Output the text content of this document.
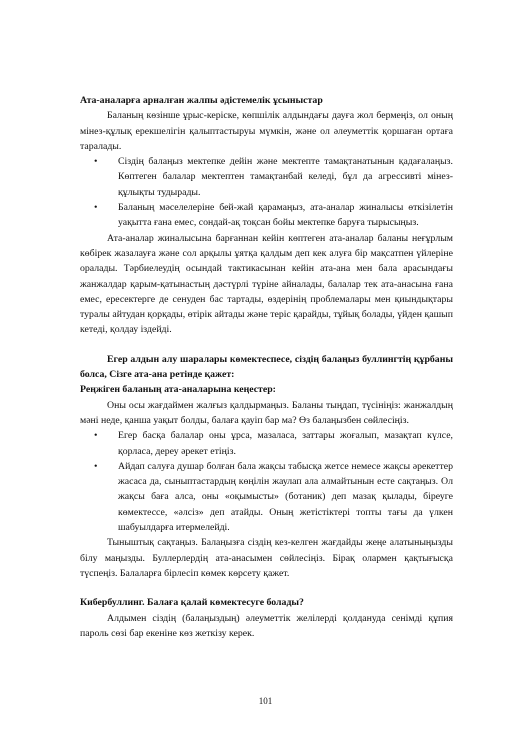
Ата-аналарға арналған жалпы әдістемелік ұсыныстар

Баланың көзінше ұрыс-керіске, көпшілік алдындағы дауға жол бермеңіз, ол оның мінез-құлық ерекшелігін қалыптастыруы мүмкін, және ол әлеуметтік қоршаған ортаға таралады.

• Сіздің балаңыз мектепке дейін және мектепте тамақтанатынын қадағалаңыз. Көптеген балалар мектептен тамақтанбай келеді, бұл да агрессивті мінез-құлықты тудырады.
• Баланың мәселелеріне бей-жай қарамаңыз, ата-аналар жиналысы өткізілетін уақытта ғана емес, сондай-ақ тоқсан бойы мектепке баруға тырысыңыз.

Ата-аналар жиналысына барғаннан кейін көптеген ата-аналар баланы неғұрлым көбірек жазалауға және сол арқылы ұятқа қалдым деп кек алуға бір мақсатпен үйлеріне оралады. Тәрбиелеудің осындай тактикасынан кейін ата-ана мен бала арасындағы жанжалдар қарым-қатынастың дәстүрлі түріне айналады, балалар тек ата-анасына ғана емес, ересектерге де сенуден бас тартады, өздерінің проблемалары мен қиындықтары туралы айтудан қорқады, өтірік айтады және теріс қарайды, тұйық болады, үйден қашып кетеді, қолдау іздейді.

Егер алдын алу шаралары көмектеспесе, сіздің балаңыз буллингтің құрбаны болса, Сізге ата-ана ретінде қажет:

Реңжіген баланың ата-аналарына кеңестер:

Оны осы жағдаймен жалғыз қалдырмаңыз. Баланы тыңдап, түсініңіз: жанжалдың мәні неде, қанша уақыт болды, балаға қауіп бар ма? Өз балаңызбен сөйлесіңіз.

• Егер басқа балалар оны ұрса, мазаласа, заттары жоғалып, мазақтап күлсе, қорласа, дереу әрекет етіңіз.
• Айдап салуға душар болған бала жақсы табысқа жетсе немесе жақсы әрекеттер жасаса да, сыныптастардың көңілін жаулап ала алмайтынын есте сақтаңыз. Ол жақсы баға алса, оны «оқымысты» (ботаник) деп мазақ қылады, біреуге көмектессе, «әлсіз» деп атайды. Оның жетістіктері топты тағы да үлкен шабуылдарға итермелейді.

Тыныштық сақтаңыз. Балаңызға сіздің кез-келген жағдайды жеңе алатыныңызды білу маңызды. Буллерлердің ата-анасымен сөйлесіңіз. Бірақ олармен қақтығысқа түспеңіз. Балаларға бірлесіп көмек көрсету қажет.

Кибербуллинг. Балаға қалай көмектесуге болады?

Алдымен сіздің (балаңыздың) әлеуметтік желілерді қолдануда сенімді құпия пароль сөзі бар екеніне көз жеткізу керек.

101
